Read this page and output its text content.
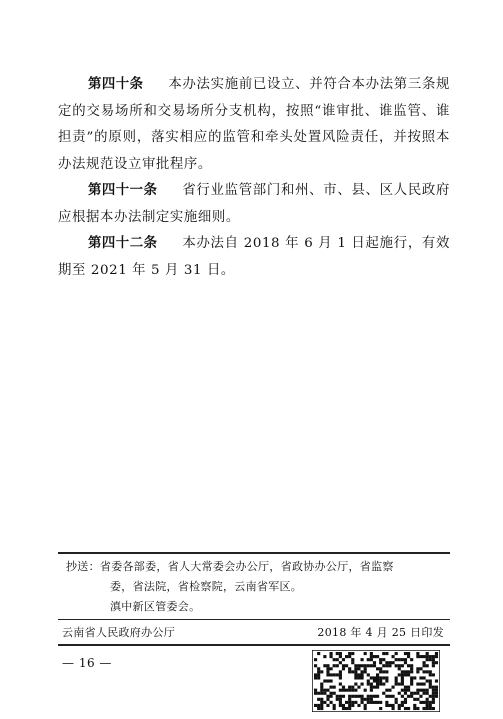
第四十条 本办法实施前已设立、并符合本办法第三条规定的交易场所和交易场所分支机构，按照“谁审批、谁监管、谁担责”的原则，落实相应的监管和牵头处置风险责任，并按照本办法规范设立审批程序。

第四十一条 省行业监管部门和州、市、县、区人民政府应根据本办法制定实施细则。

第四十二条 本办法自 2018 年 6 月 1 日起施行，有效期至 2021 年 5 月 31 日。

抄送：省委各部委，省人大常委会办公厅，省政协办公厅，省监察
委，省法院，省检察院，云南省军区。
滇中新区管委会。

云南省人民政府办公厅	2018 年 4 月 25 日印发
— 16 —
